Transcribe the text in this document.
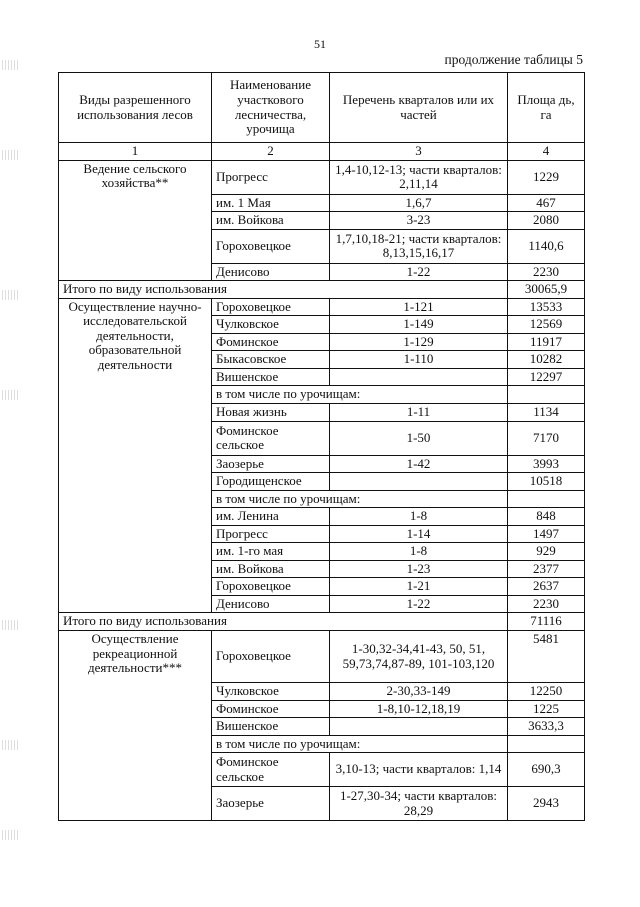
51
продолжение таблицы 5
Виды разрешенного использования лесов	Наименование участкового лесничества, урочища	Перечень кварталов или их частей	Площа дь, га
1	2	3	4
Ведение сельского хозяйства**	Прогресс	1,4-10,12-13; части кварталов: 2,11,14	1229
	им. 1 Мая	1,6,7	467
	им. Войкова	3-23	2080
	Гороховецкое	1,7,10,18-21; части кварталов: 8,13,15,16,17	1140,6
	Денисово	1-22	2230
Итого по виду использования			30065,9
Осуществление научно-исследовательской деятельности, образовательной деятельности	Гороховецкое	1-121	13533
	Чулковское	1-149	12569
	Фоминское	1-129	11917
	Быкасовское	1-110	10282
	Вишенское		12297
	в том числе по урочищам:		
	Новая жизнь	1-11	1134
	Фоминское сельское	1-50	7170
	Заозерье	1-42	3993
	Городищенское		10518
	в том числе по урочищам:		
	им. Ленина	1-8	848
	Прогресс	1-14	1497
	им. 1-го мая	1-8	929
	им. Войкова	1-23	2377
	Гороховецкое	1-21	2637
	Денисово	1-22	2230
Итого по виду использования			71116
Осуществление рекреационной деятельности***	Гороховецкое	1-30,32-34,41-43, 50, 51, 59,73,74,87-89, 101-103,120	5481
	Чулковское	2-30,33-149	12250
	Фоминское	1-8,10-12,18,19	1225
	Вишенское		3633,3
	в том числе по урочищам:		
	Фоминское сельское	3,10-13; части кварталов: 1,14	690,3
	Заозерье	1-27,30-34; части кварталов: 28,29	2943
